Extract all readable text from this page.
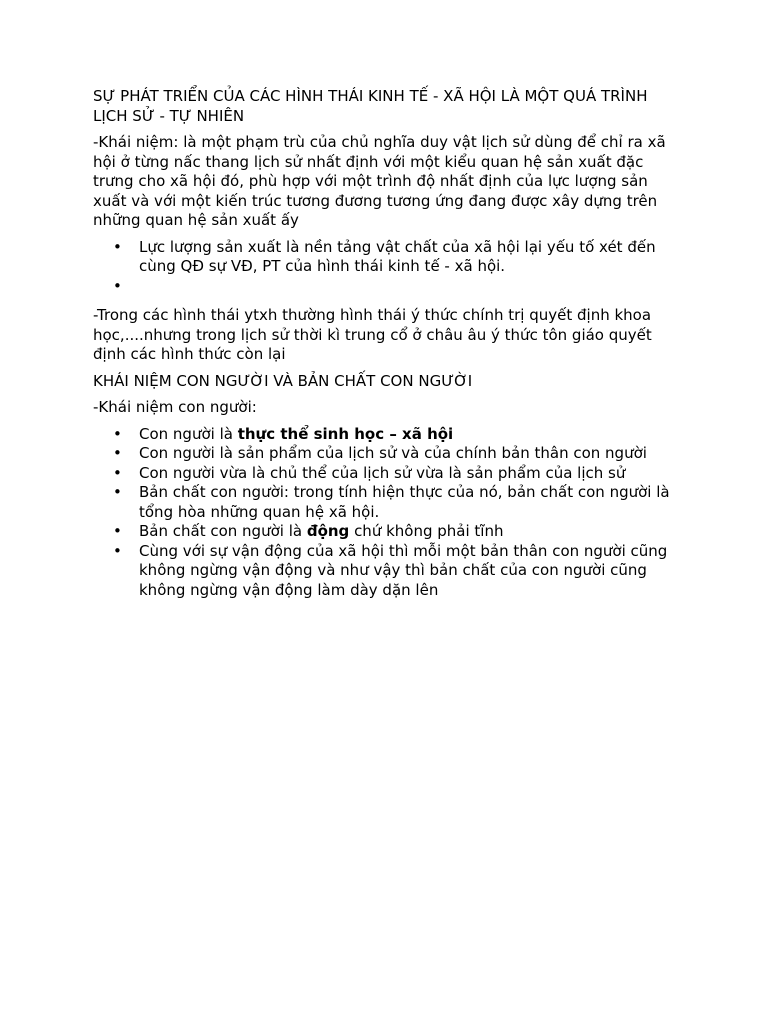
SỰ PHÁT TRIỂN CỦA CÁC HÌNH THÁI KINH TẾ - XÃ HỘI LÀ MỘT QUÁ TRÌNH LỊCH SỬ - TỰ NHIÊN

-Khái niệm: là một phạm trù của chủ nghĩa duy vật lịch sử dùng để chỉ ra xã hội ở từng nấc thang lịch sử nhất định với một kiểu quan hệ sản xuất đặc trưng cho xã hội đó, phù hợp với một trình độ nhất định của lực lượng sản xuất và với một kiến trúc tương đương tương ứng đang được xây dựng trên những quan hệ sản xuất ấy

• Lực lượng sản xuất là nền tảng vật chất của xã hội lại yếu tố xét đến cùng QĐ sự VĐ, PT của hình thái kinh tế - xã hội.
•

-Trong các hình thái ytxh thường hình thái ý thức chính trị quyết định khoa học,....nhưng trong lịch sử thời kì trung cổ ở châu âu ý thức tôn giáo quyết định các hình thức còn lại

KHÁI NIỆM CON NGƯỜI VÀ BẢN CHẤT CON NGƯỜI

-Khái niệm con người:

• Con người là thực thể sinh học – xã hội
• Con người là sản phẩm của lịch sử và của chính bản thân con người
• Con người vừa là chủ thể của lịch sử vừa là sản phẩm của lịch sử
• Bản chất con người: trong tính hiện thực của nó, bản chất con người là tổng hòa những quan hệ xã hội.
• Bản chất con người là động chứ không phải tĩnh
• Cùng với sự vận động của xã hội thì mỗi một bản thân con người cũng không ngừng vận động và như vậy thì bản chất của con người cũng không ngừng vận động làm dày dặn lên
